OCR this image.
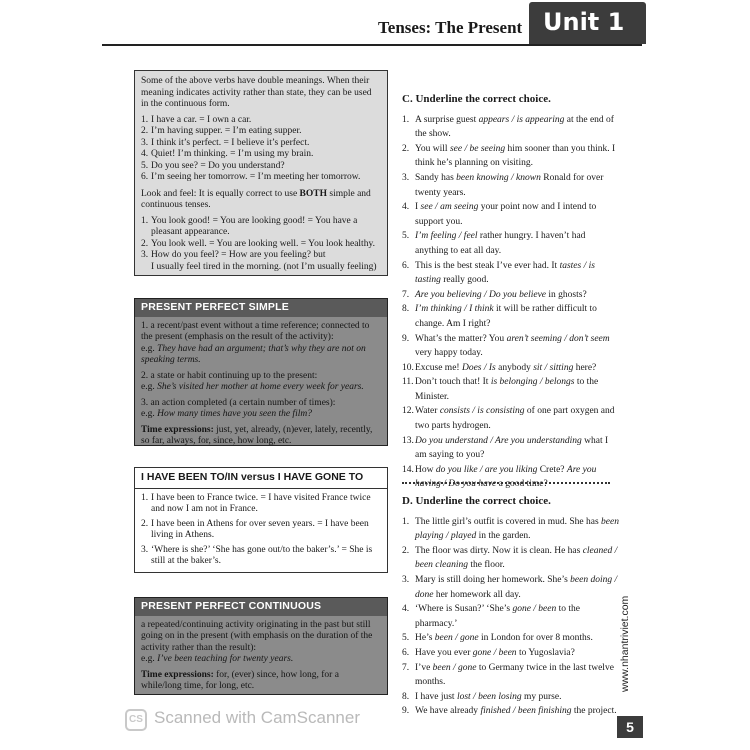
Tenses: The Present Unit 1

Some of the above verbs have double meanings. When their meaning indicates activity rather than state, they can be used in the continuous form.

1. I have a car. = I own a car.
2. I’m having supper. = I’m eating supper.
3. I think it’s perfect. = I believe it’s perfect.
4. Quiet! I’m thinking. = I’m using my brain.
5. Do you see? = Do you understand?
6. I’m seeing her tomorrow. = I’m meeting her tomorrow.

Look and feel: It is equally correct to use BOTH simple and continuous tenses.

1. You look good! = You are looking good! = You have a pleasant appearance.
2. You look well. = You are looking well. = You look healthy.
3. How do you feel? = How are you feeling? but
I usually feel tired in the morning. (not I’m usually feeling)
PRESENT PERFECT SIMPLE

1. a recent/past event without a time reference; connected to the present (emphasis on the result of the activity):

e.g. They have had an argument; that’s why they are not on speaking terms.

2. a state or habit continuing up to the present:

e.g. She’s visited her mother at home every week for years.

3. an action completed (a certain number of times):

e.g. How many times have you seen the film?

Time expressions: just, yet, already, (n)ever, lately, recently, so far, always, for, since, how long, etc.

I HAVE BEEN TO/IN versus I HAVE GONE TO
1. I have been to France twice. = I have visited France twice and now I am not in France.
2. I have been in Athens for over seven years. = I have been living in Athens.
3. ‘Where is she?’ ‘She has gone out/to the baker’s.’ = She is still at the baker’s.
PRESENT PERFECT CONTINUOUS

a repeated/continuing activity originating in the past but still going on in the present (with emphasis on the duration of the activity rather than the result):

e.g. I’ve been teaching for twenty years.

Time expressions: for, (ever) since, how long, for a while/long time, for long, etc.

C. Underline the correct choice.
1. A surprise guest appears / is appearing at the end of the show.
2. You will see / be seeing him sooner than you think. I think he’s planning on visiting.
3. Sandy has been knowing / known Ronald for over twenty years.
4. I see / am seeing your point now and I intend to support you.
5. I’m feeling / feel rather hungry. I haven’t had anything to eat all day.
6. This is the best steak I’ve ever had. It tastes / is tasting really good.
7. Are you believing / Do you believe in ghosts?
8. I’m thinking / I think it will be rather difficult to change. Am I right?
9. What’s the matter? You aren’t seeming / don’t seem very happy today.
10. Excuse me! Does / Is anybody sit / sitting here?
11. Don’t touch that! It is belonging / belongs to the Minister.
12. Water consists / is consisting of one part oxygen and two parts hydrogen.
13. Do you understand / Are you understanding what I am saying to you?
14. How do you like / are you liking Crete? Are you having / Do you have a good time?
D. Underline the correct choice.
1. The little girl’s outfit is covered in mud. She has been playing / played in the garden.
2. The floor was dirty. Now it is clean. He has cleaned / been cleaning the floor.
3. Mary is still doing her homework. She’s been doing / done her homework all day.
4. ‘Where is Susan?’ ‘She’s gone / been to the pharmacy.’
5. He’s been / gone in London for over 8 months.
6. Have you ever gone / been to Yugoslavia?
7. I’ve been / gone to Germany twice in the last twelve months.
8. I have just lost / been losing my purse.
9. We have already finished / been finishing the project.
www.nhantriviet.com
CS Scanned with CamScanner	5
